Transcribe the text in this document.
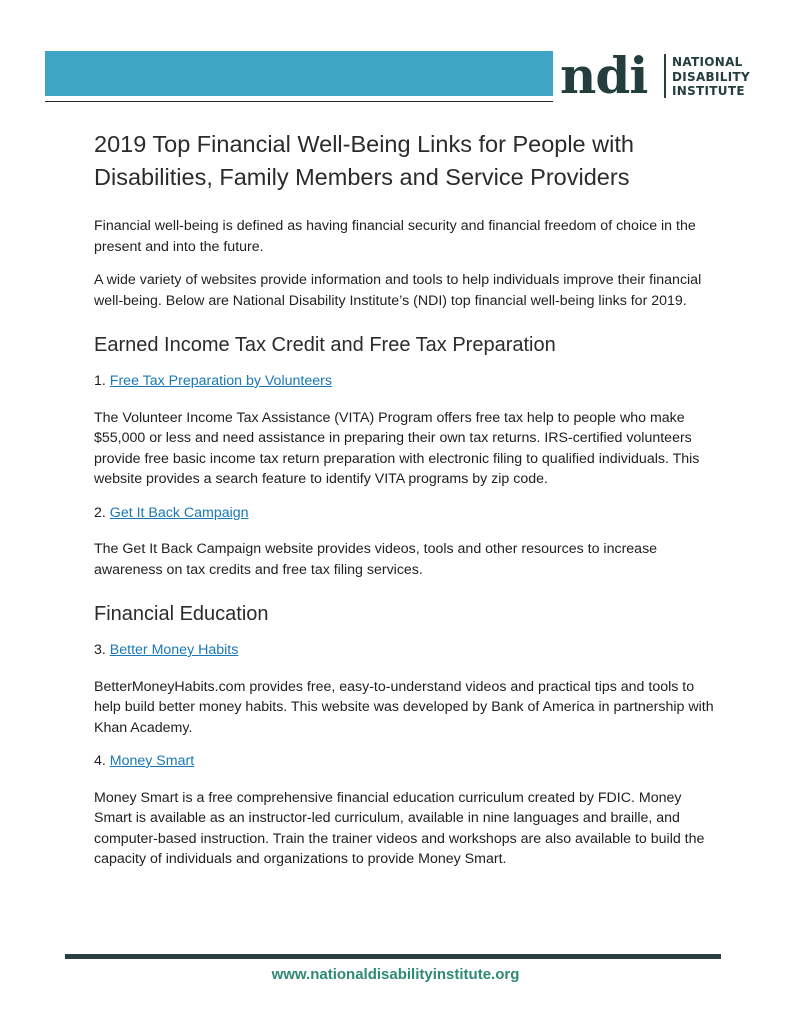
ndi NATIONAL
DISABILITY
INSTITUTE
2019 Top Financial Well-Being Links for People with Disabilities, Family Members and Service Providers

Financial well-being is defined as having financial security and financial freedom of choice in the present and into the future.

A wide variety of websites provide information and tools to help individuals improve their financial well-being. Below are National Disability Institute’s (NDI) top financial well-being links for 2019.

Earned Income Tax Credit and Free Tax Preparation

1. Free Tax Preparation by Volunteers

The Volunteer Income Tax Assistance (VITA) Program offers free tax help to people who make $55,000 or less and need assistance in preparing their own tax returns. IRS-certified volunteers provide free basic income tax return preparation with electronic filing to qualified individuals. This website provides a search feature to identify VITA programs by zip code.

2. Get It Back Campaign

The Get It Back Campaign website provides videos, tools and other resources to increase awareness on tax credits and free tax filing services.

Financial Education

3. Better Money Habits

BetterMoneyHabits.com provides free, easy-to-understand videos and practical tips and tools to help build better money habits. This website was developed by Bank of America in partnership with Khan Academy.

4. Money Smart

Money Smart is a free comprehensive financial education curriculum created by FDIC. Money Smart is available as an instructor-led curriculum, available in nine languages and braille, and computer-based instruction. Train the trainer videos and workshops are also available to build the capacity of individuals and organizations to provide Money Smart.

www.nationaldisabilityinstitute.org
